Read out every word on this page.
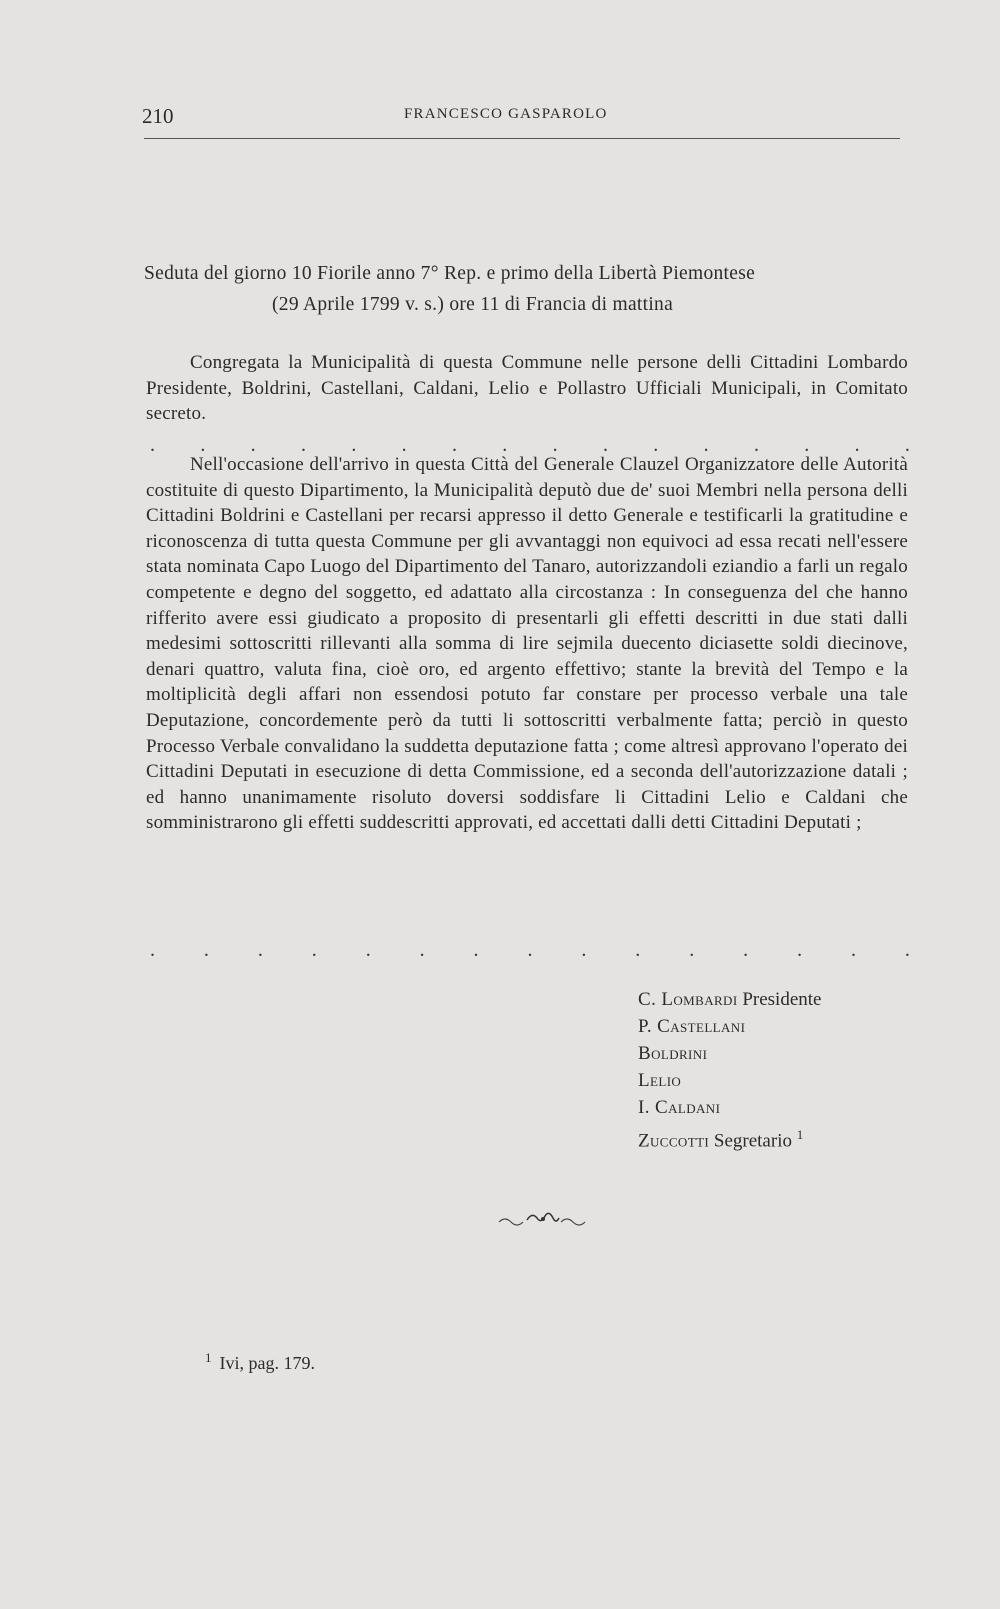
210	FRANCESCO GASPAROLO
Seduta del giorno 10 Fiorile anno 7° Rep. e primo della Libertà Piemontese
(29 Aprile 1799 v. s.) ore 11 di Francia di mattina
Congregata la Municipalità di questa Commune nelle persone delli Cittadini Lombardo Presidente, Boldrini, Castellani, Caldani, Lelio e Pollastro Ufficiali Municipali, in Comitato secreto.
. . . . . . . . . . . . . . . .
Nell'occasione dell'arrivo in questa Città del Generale Clauzel Organizzatore delle Autorità costituite di questo Dipartimento, la Municipalità deputò due de' suoi Membri nella persona delli Cittadini Boldrini e Castellani per recarsi appresso il detto Generale e testificarli la gratitudine e riconoscenza di tutta questa Commune per gli avvantaggi non equivoci ad essa recati nell'essere stata nominata Capo Luogo del Dipartimento del Tanaro, autorizzandoli eziandio a farli un regalo competente e degno del soggetto, ed adattato alla circostanza : In conseguenza del che hanno rifferito avere essi giudicato a proposito di presentarli gli effetti descritti in due stati dalli medesimi sottoscritti rillevanti alla somma di lire sejmila duecento diciasette soldi diecinove, denari quattro, valuta fina, cioè oro, ed argento effettivo; stante la brevità del Tempo e la moltiplicità degli affari non essendosi potuto far constare per processo verbale una tale Deputazione, concordemente però da tutti li sottoscritti verbalmente fatta; perciò in questo Processo Verbale convalidano la suddetta deputazione fatta ; come altresì approvano l'operato dei Cittadini Deputati in esecuzione di detta Commissione, ed a seconda dell'autorizzazione datali ; ed hanno unanimamente risoluto doversi soddisfare li Cittadini Lelio e Caldani che somministrarono gli effetti suddescritti approvati, ed accettati dalli detti Cittadini Deputati ;
. . . . . . . . . . . . . . .
C. Lombardi Presidente
P. Castellani
Boldrini
Lelio
I. Caldani
Zuccotti Segretario $^1$
$^1$ Ivi, pag. 179.
